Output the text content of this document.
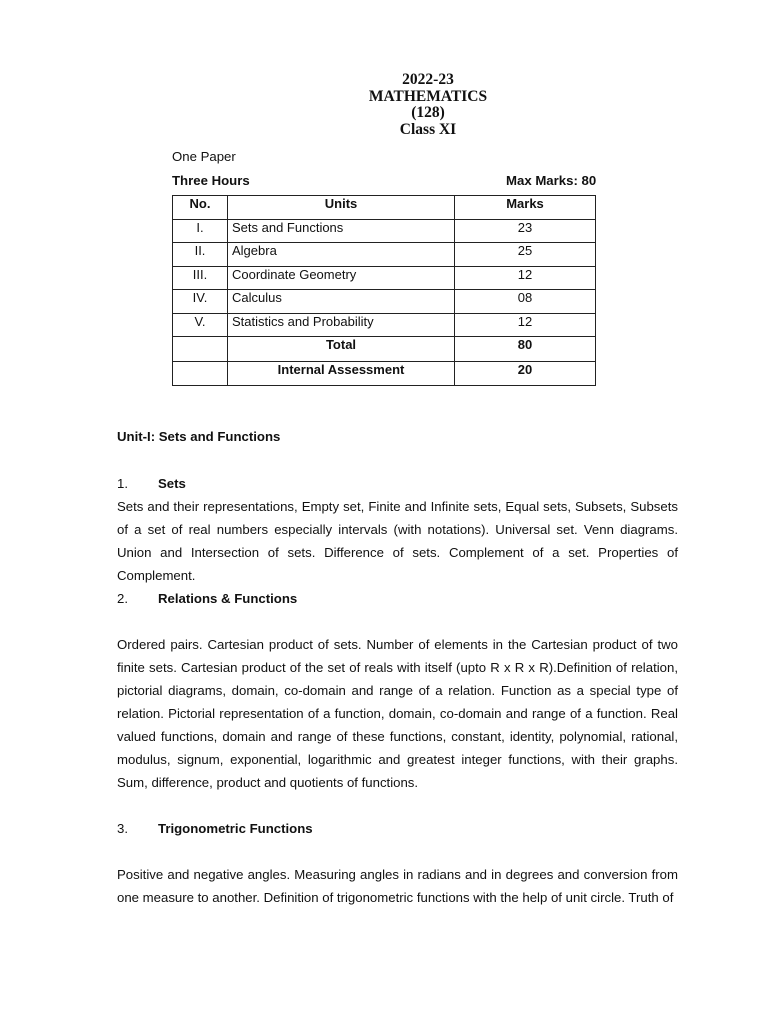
2022-23
MATHEMATICS
(128)
Class XI
One Paper
Three Hours	Max Marks: 80
No.	Units	Marks
I.	Sets and Functions	23
II.	Algebra	25
III.	Coordinate Geometry	12
IV.	Calculus	08
V.	Statistics and Probability	12
	Total	80
	Internal Assessment	20
Unit-I: Sets and Functions
1. Sets
Sets and their representations, Empty set, Finite and Infinite sets, Equal sets, Subsets, Subsets of a set of real numbers especially intervals (with notations). Universal set. Venn diagrams. Union and Intersection of sets. Difference of sets. Complement of a set. Properties of Complement.
2. Relations & Functions
Ordered pairs. Cartesian product of sets. Number of elements in the Cartesian product of two finite sets. Cartesian product of the set of reals with itself (upto R x R x R).Definition of relation, pictorial diagrams, domain, co-domain and range of a relation. Function as a special type of relation. Pictorial representation of a function, domain, co-domain and range of a function. Real valued functions, domain and range of these functions, constant, identity, polynomial, rational, modulus, signum, exponential, logarithmic and greatest integer functions, with their graphs. Sum, difference, product and quotients of functions.
3. Trigonometric Functions
Positive and negative angles. Measuring angles in radians and in degrees and conversion from one measure to another. Definition of trigonometric functions with the help of unit circle. Truth of
